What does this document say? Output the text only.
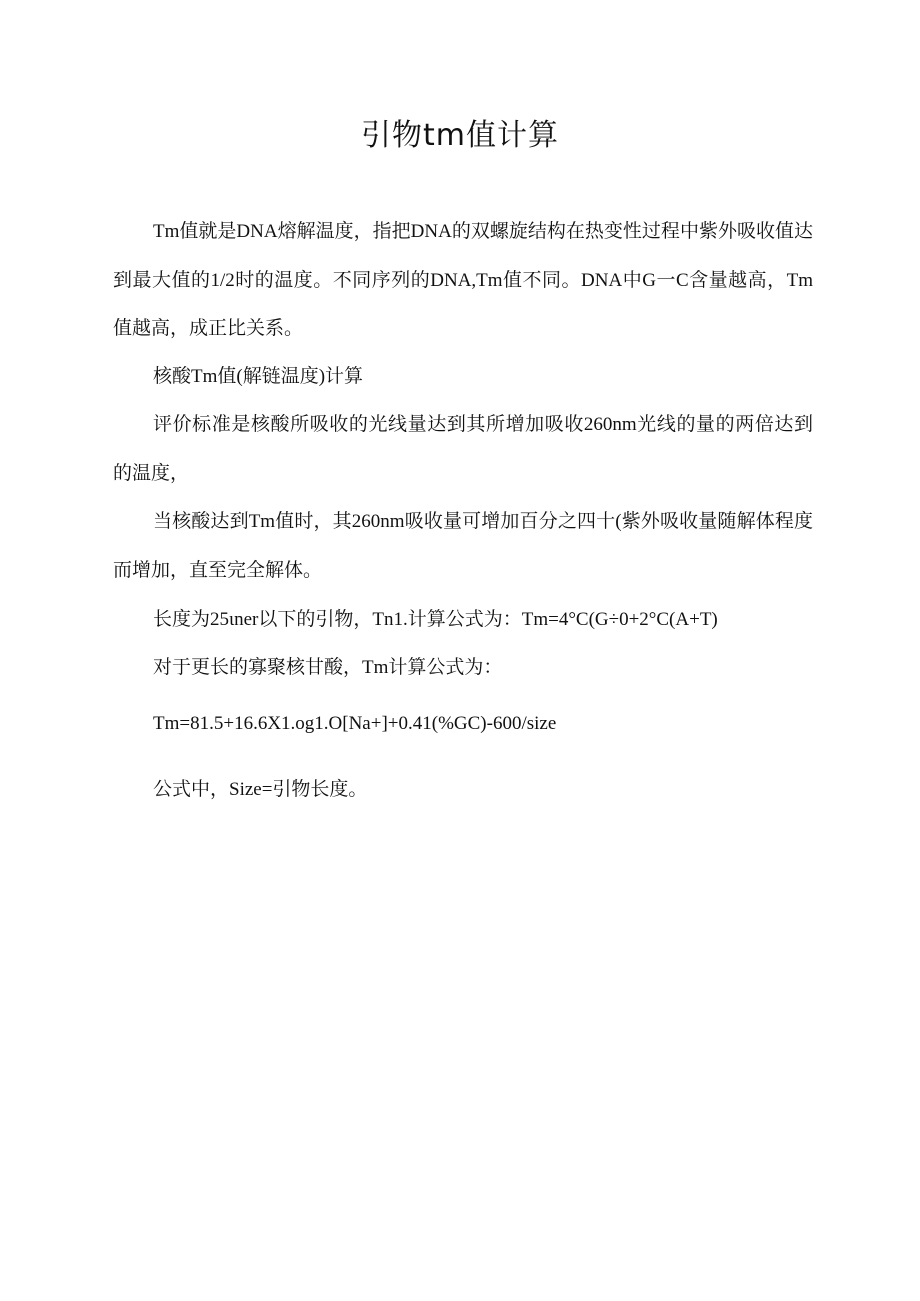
引物tm值计算

Tm值就是DNA熔解温度，指把DNA的双螺旋结构在热变性过程中紫外吸收值达到最大值的1/2时的温度。不同序列的DNA,Tm值不同。DNA中G一C含量越高，Tm值越高，成正比关系。

核酸Tm值(解链温度)计算

评价标准是核酸所吸收的光线量达到其所增加吸收260nm光线的量的两倍达到的温度，

当核酸达到Tm值时，其260nm吸收量可增加百分之四十(紫外吸收量随解体程度而增加，直至完全解体。

长度为25ιner以下的引物，Tn1.计算公式为：Tm=4°C(G÷0+2°C(A+T)

对于更长的寡聚核甘酸，Tm计算公式为：

Tm=81.5+16.6X1.og1.O[Na+]+0.41(%GC)-600/size
公式中，Size=引物长度。
